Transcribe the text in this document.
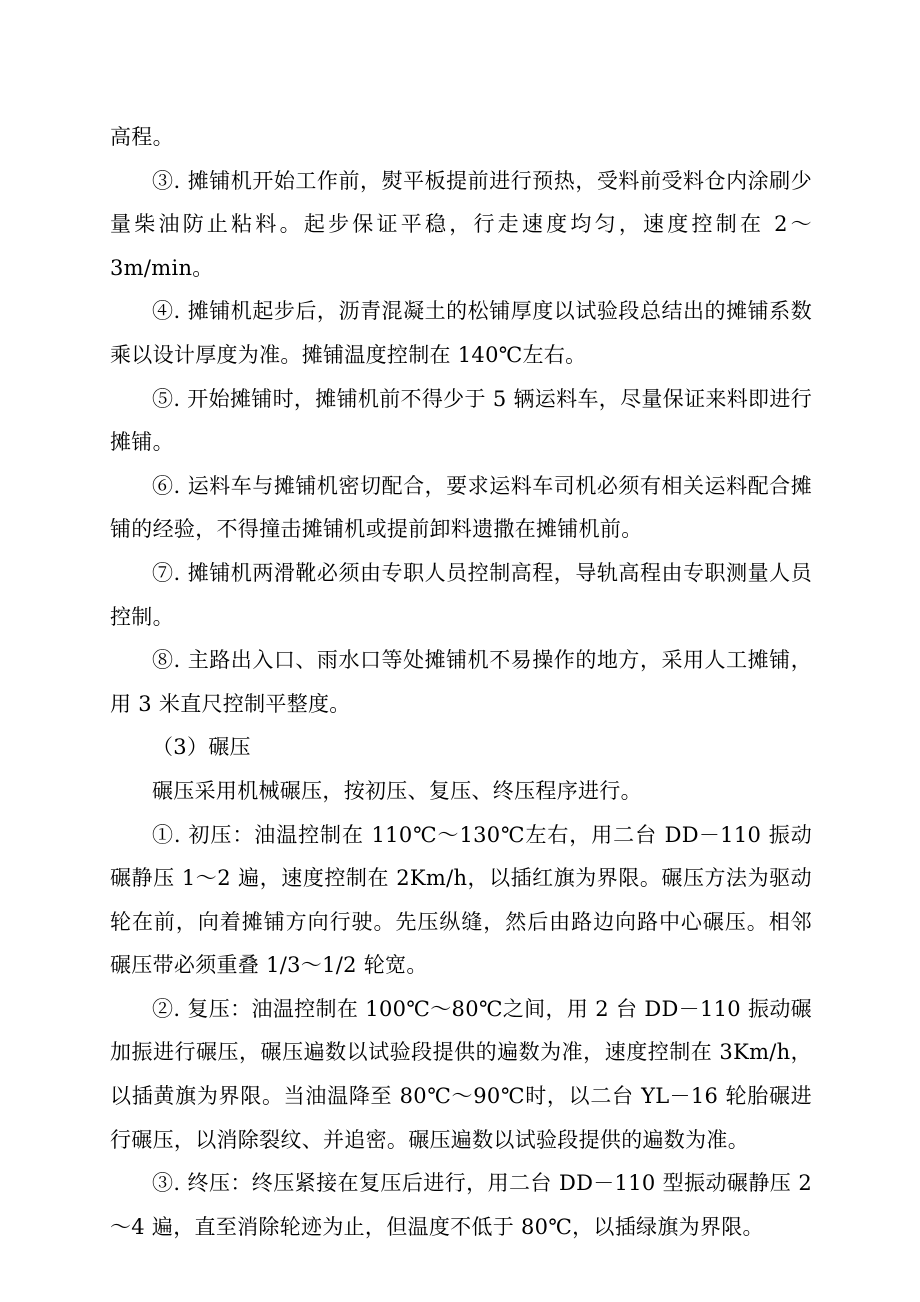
高程。

③. 摊铺机开始工作前，熨平板提前进行预热，受料前受料仓内涂刷少量柴油防止粘料。起步保证平稳，行走速度均匀，速度控制在 2～3m/min。

④. 摊铺机起步后，沥青混凝土的松铺厚度以试验段总结出的摊铺系数乘以设计厚度为准。摊铺温度控制在 140℃左右。

⑤. 开始摊铺时，摊铺机前不得少于 5 辆运料车，尽量保证来料即进行摊铺。

⑥. 运料车与摊铺机密切配合，要求运料车司机必须有相关运料配合摊铺的经验，不得撞击摊铺机或提前卸料遗撒在摊铺机前。

⑦. 摊铺机两滑靴必须由专职人员控制高程，导轨高程由专职测量人员控制。

⑧. 主路出入口、雨水口等处摊铺机不易操作的地方，采用人工摊铺，用 3 米直尺控制平整度。

（3）碾压

碾压采用机械碾压，按初压、复压、终压程序进行。

①. 初压：油温控制在 110℃～130℃左右，用二台 DD－110 振动碾静压 1～2 遍，速度控制在 2Km/h，以插红旗为界限。碾压方法为驱动轮在前，向着摊铺方向行驶。先压纵缝，然后由路边向路中心碾压。相邻碾压带必须重叠 1/3～1/2 轮宽。

②. 复压：油温控制在 100℃～80℃之间，用 2 台 DD－110 振动碾加振进行碾压，碾压遍数以试验段提供的遍数为准，速度控制在 3Km/h，以插黄旗为界限。当油温降至 80℃～90℃时，以二台 YL－16 轮胎碾进行碾压，以消除裂纹、并追密。碾压遍数以试验段提供的遍数为准。

③. 终压：终压紧接在复压后进行，用二台 DD－110 型振动碾静压 2～4 遍，直至消除轮迹为止，但温度不低于 80℃，以插绿旗为界限。
